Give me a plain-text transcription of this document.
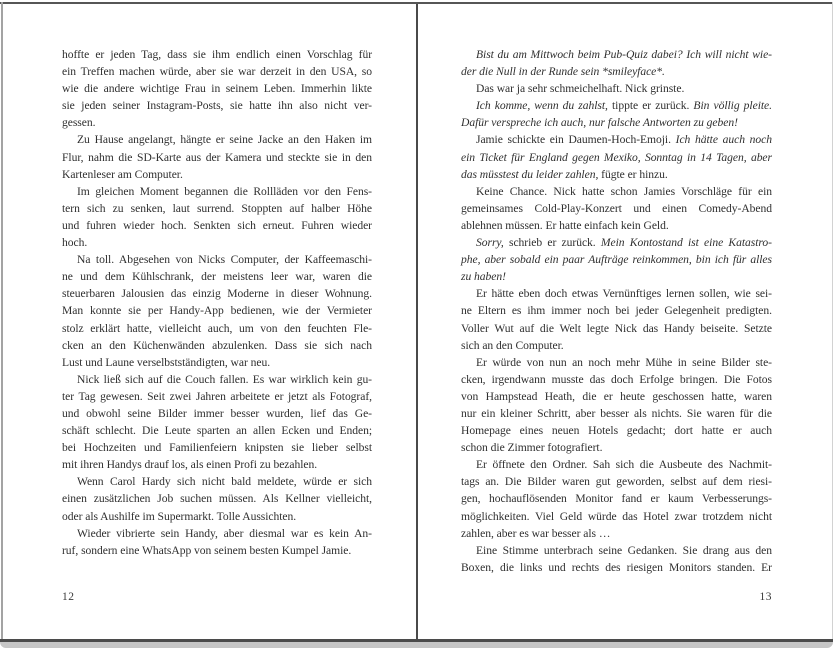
hoffte er jeden Tag, dass sie ihm endlich einen Vorschlag für
ein Treffen machen würde, aber sie war derzeit in den USA, so
wie die andere wichtige Frau in seinem Leben. Immerhin likte
sie jeden seiner Instagram-Posts, sie hatte ihn also nicht ver-
gessen.
Zu Hause angelangt, hängte er seine Jacke an den Haken im
Flur, nahm die SD-Karte aus der Kamera und steckte sie in den
Kartenleser am Computer.
Im gleichen Moment begannen die Rollläden vor den Fens-
tern sich zu senken, laut surrend. Stoppten auf halber Höhe
und fuhren wieder hoch. Senkten sich erneut. Fuhren wieder
hoch.
Na toll. Abgesehen von Nicks Computer, der Kaffeemaschi-
ne und dem Kühlschrank, der meistens leer war, waren die
steuerbaren Jalousien das einzig Moderne in dieser Wohnung.
Man konnte sie per Handy-App bedienen, wie der Vermieter
stolz erklärt hatte, vielleicht auch, um von den feuchten Fle-
cken an den Küchenwänden abzulenken. Dass sie sich nach
Lust und Laune verselbstständigten, war neu.
Nick ließ sich auf die Couch fallen. Es war wirklich kein gu-
ter Tag gewesen. Seit zwei Jahren arbeitete er jetzt als Fotograf,
und obwohl seine Bilder immer besser wurden, lief das Ge-
schäft schlecht. Die Leute sparten an allen Ecken und Enden;
bei Hochzeiten und Familienfeiern knipsten sie lieber selbst
mit ihren Handys drauf los, als einen Profi zu bezahlen.
Wenn Carol Hardy sich nicht bald meldete, würde er sich
einen zusätzlichen Job suchen müssen. Als Kellner vielleicht,
oder als Aushilfe im Supermarkt. Tolle Aussichten.
Wieder vibrierte sein Handy, aber diesmal war es kein An-
ruf, sondern eine WhatsApp von seinem besten Kumpel Jamie.
12
Bist du am Mittwoch beim Pub-Quiz dabei? Ich will nicht wie-
der die Null in der Runde sein *smileyface*.
Das war ja sehr schmeichelhaft. Nick grinste.
Ich komme, wenn du zahlst, tippte er zurück. Bin völlig pleite.
Dafür verspreche ich auch, nur falsche Antworten zu geben!
Jamie schickte ein Daumen-Hoch-Emoji. Ich hätte auch noch
ein Ticket für England gegen Mexiko, Sonntag in 14 Tagen, aber
das müsstest du leider zahlen, fügte er hinzu.
Keine Chance. Nick hatte schon Jamies Vorschläge für ein
gemeinsames Cold-Play-Konzert und einen Comedy-Abend
ablehnen müssen. Er hatte einfach kein Geld.
Sorry, schrieb er zurück. Mein Kontostand ist eine Katastro-
phe, aber sobald ein paar Aufträge reinkommen, bin ich für alles
zu haben!
Er hätte eben doch etwas Vernünftiges lernen sollen, wie sei-
ne Eltern es ihm immer noch bei jeder Gelegenheit predigten.
Voller Wut auf die Welt legte Nick das Handy beiseite. Setzte
sich an den Computer.
Er würde von nun an noch mehr Mühe in seine Bilder ste-
cken, irgendwann musste das doch Erfolge bringen. Die Fotos
von Hampstead Heath, die er heute geschossen hatte, waren
nur ein kleiner Schritt, aber besser als nichts. Sie waren für die
Homepage eines neuen Hotels gedacht; dort hatte er auch
schon die Zimmer fotografiert.
Er öffnete den Ordner. Sah sich die Ausbeute des Nachmit-
tags an. Die Bilder waren gut geworden, selbst auf dem riesi-
gen, hochauflösenden Monitor fand er kaum Verbesserungs-
möglichkeiten. Viel Geld würde das Hotel zwar trotzdem nicht
zahlen, aber es war besser als …
Eine Stimme unterbrach seine Gedanken. Sie drang aus den
Boxen, die links und rechts des riesigen Monitors standen. Er
13
